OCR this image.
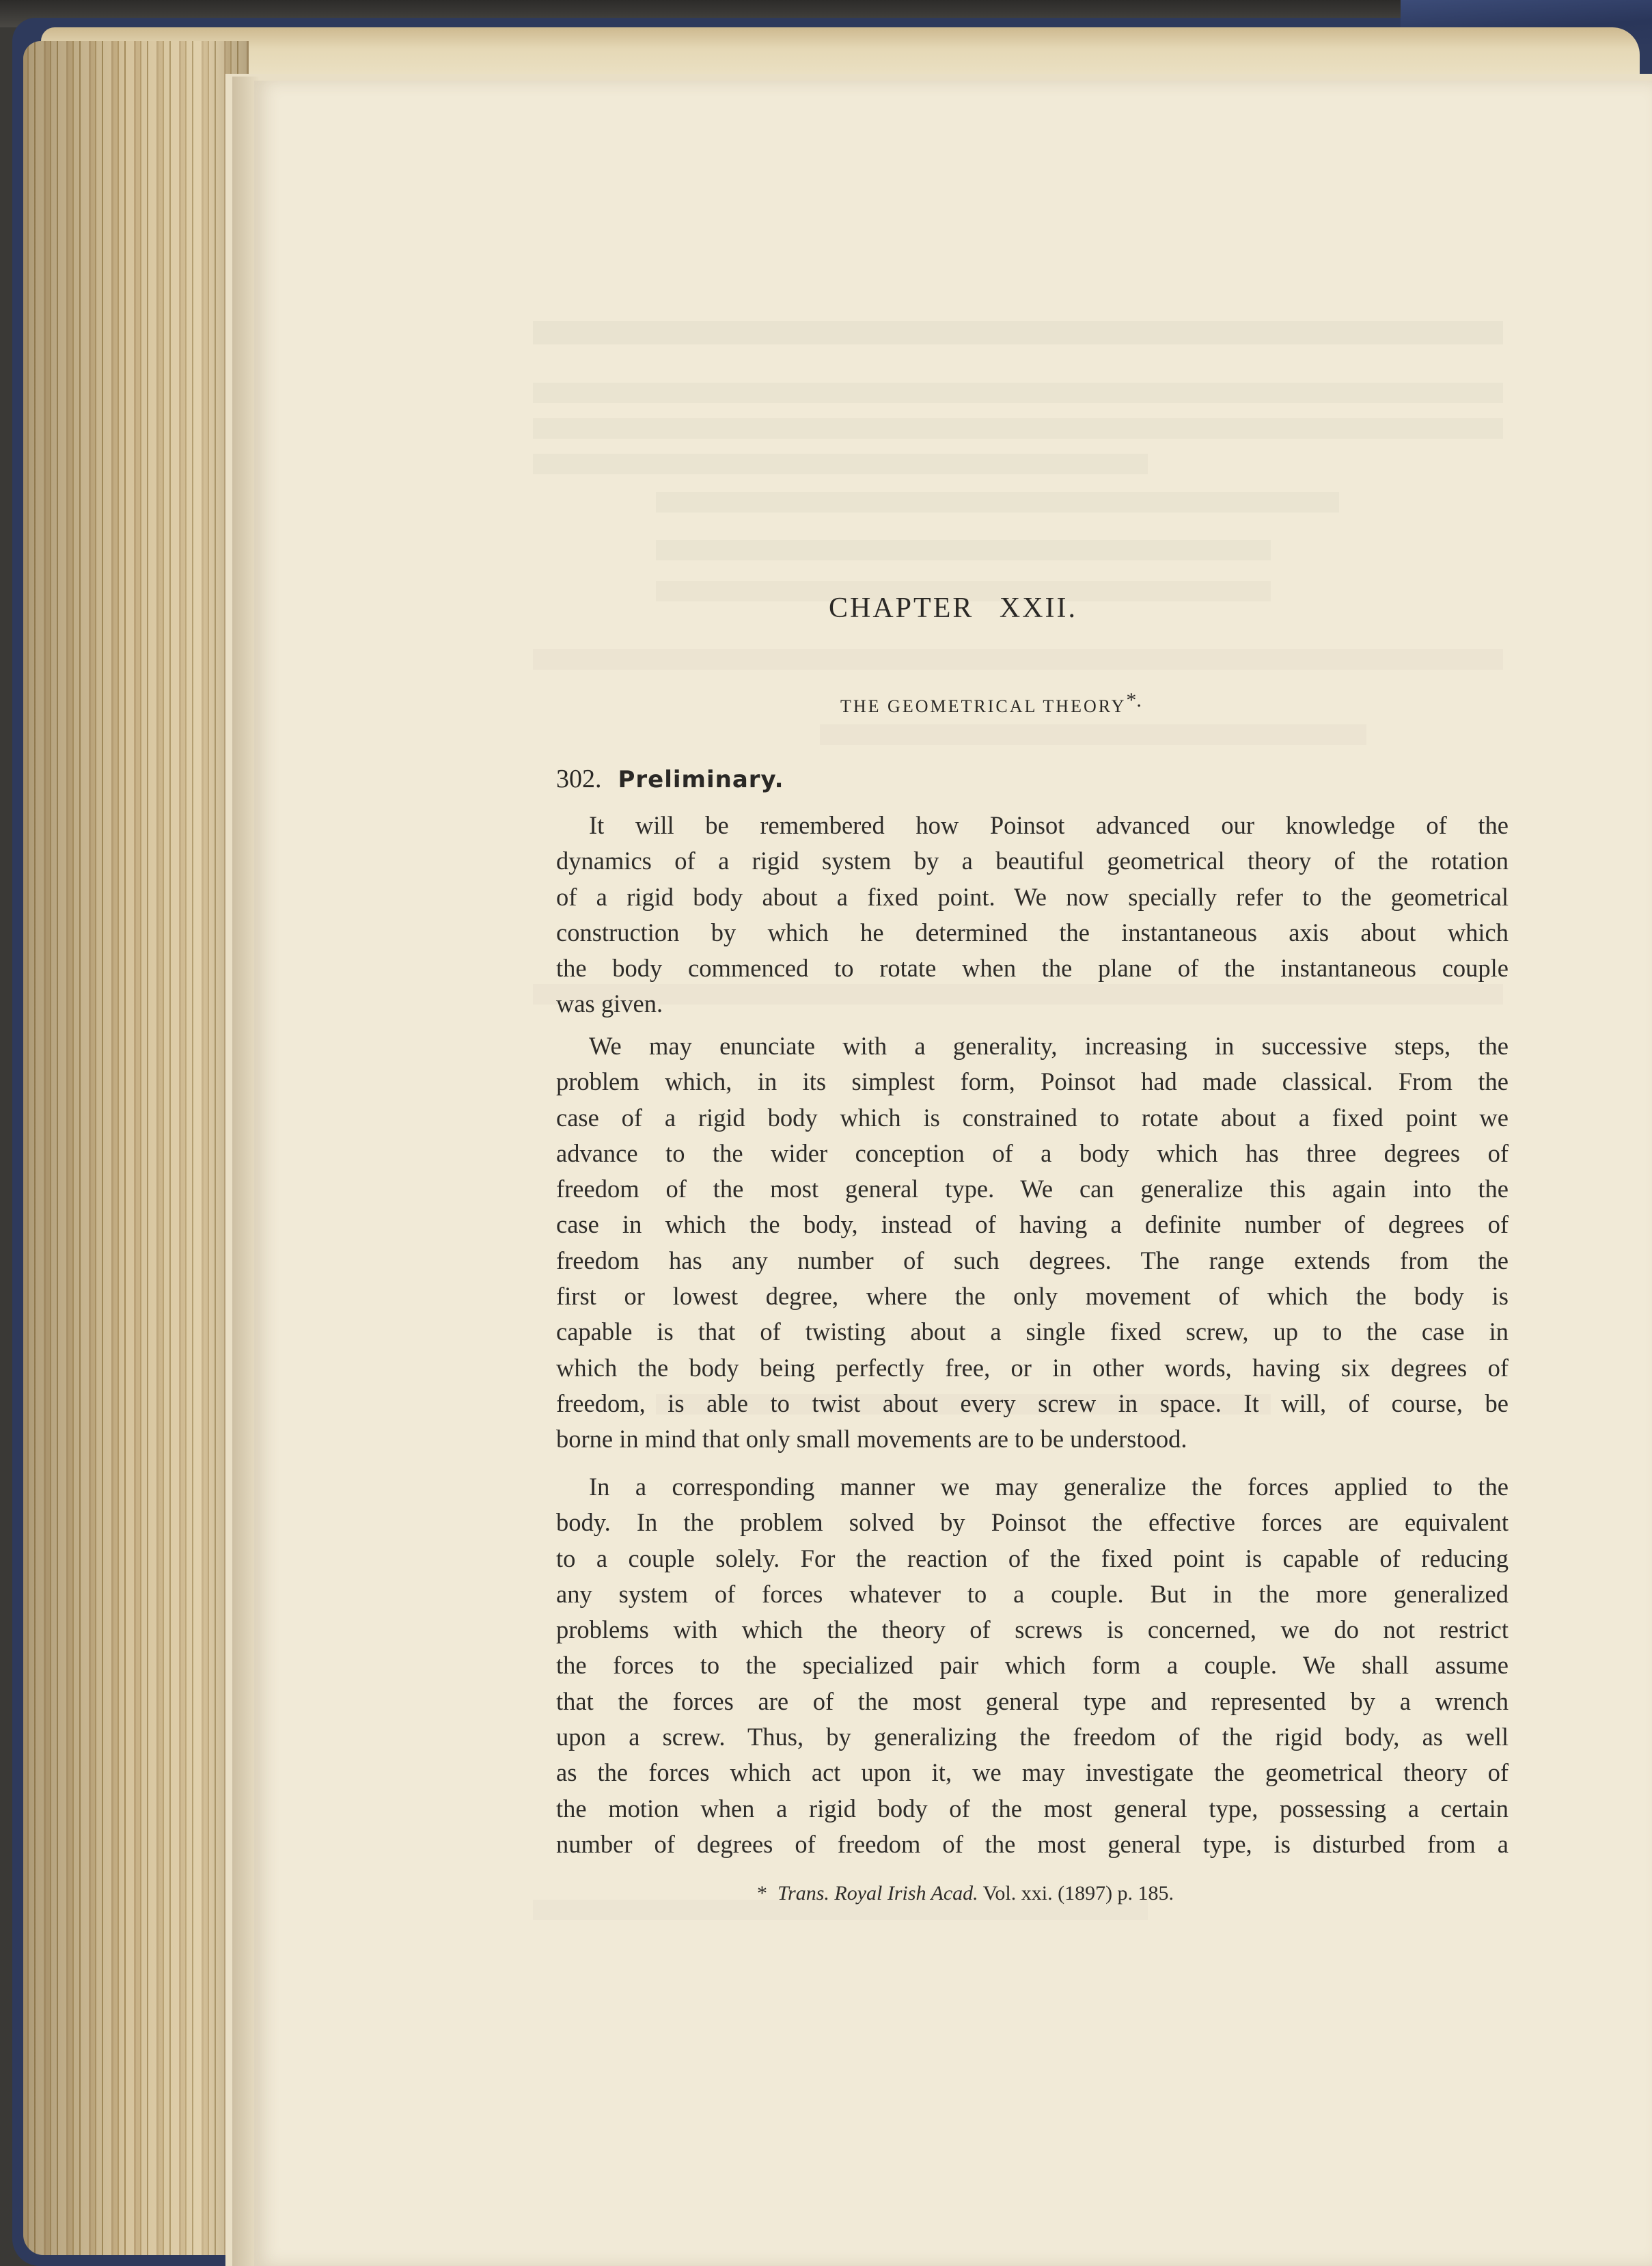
CHAPTER XXII.
THE GEOMETRICAL THEORY*.
302. Preliminary.
It will be remembered how Poinsot advanced our knowledge of the
dynamics of a rigid system by a beautiful geometrical theory of the rotation
of a rigid body about a fixed point. We now specially refer to the geometrical
construction by which he determined the instantaneous axis about which
the body commenced to rotate when the plane of the instantaneous couple
was given.
We may enunciate with a generality, increasing in successive steps, the
problem which, in its simplest form, Poinsot had made classical. From the
case of a rigid body which is constrained to rotate about a fixed point we
advance to the wider conception of a body which has three degrees of
freedom of the most general type. We can generalize this again into the
case in which the body, instead of having a definite number of degrees of
freedom has any number of such degrees. The range extends from the
first or lowest degree, where the only movement of which the body is
capable is that of twisting about a single fixed screw, up to the case in
which the body being perfectly free, or in other words, having six degrees of
freedom, is able to twist about every screw in space. It will, of course, be
borne in mind that only small movements are to be understood.
In a corresponding manner we may generalize the forces applied to the
body. In the problem solved by Poinsot the effective forces are equivalent
to a couple solely. For the reaction of the fixed point is capable of reducing
any system of forces whatever to a couple. But in the more generalized
problems with which the theory of screws is concerned, we do not restrict
the forces to the specialized pair which form a couple. We shall assume
that the forces are of the most general type and represented by a wrench
upon a screw. Thus, by generalizing the freedom of the rigid body, as well
as the forces which act upon it, we may investigate the geometrical theory of
the motion when a rigid body of the most general type, possessing a certain
number of degrees of freedom of the most general type, is disturbed from a
* Trans. Royal Irish Acad. Vol. xxi. (1897) p. 185.
